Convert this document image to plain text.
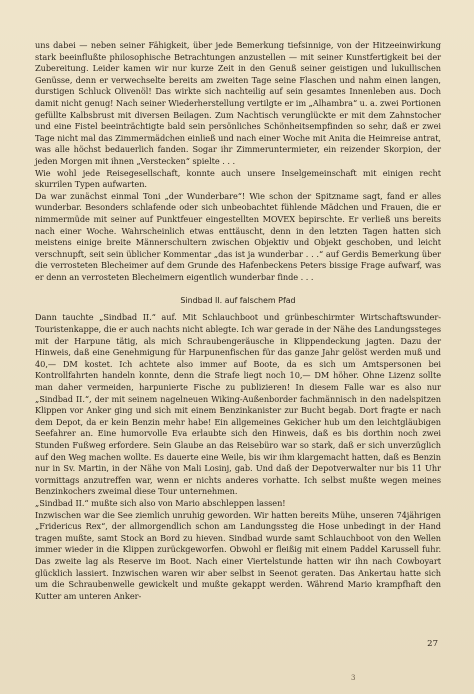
uns dabei — neben seiner Fähigkeit, über jede Bemerkung tiefsinnige, von der Hitzeeinwirkung stark beeinflußte philosophische Betrachtungen anzustellen — mit seiner Kunstfertigkeit bei der Zubereitung. Leider kamen wir nur kurze Zeit in den Genuß seiner geistigen und lukullischen Genüsse, denn er verwechselte bereits am zweiten Tage seine Flaschen und nahm einen langen, durstigen Schluck Olivenöl! Das wirkte sich nachteilig auf sein gesamtes Innenleben aus. Doch damit nicht genug! Nach seiner Wiederherstellung vertilgte er im „Alhambra“ u. a. zwei Portionen gefüllte Kalbsbrust mit diversen Beilagen. Zum Nachtisch verunglückte er mit dem Zahnstocher und eine Fistel beeinträchtigte bald sein persönliches Schönheitsempfinden so sehr, daß er zwei Tage nicht mal das Zimmermädchen einließ und nach einer Woche mit Anita die Heimreise antrat, was alle höchst bedauerlich fanden. Sogar ihr Zimmeruntermieter, ein reizender Skorpion, der jeden Morgen mit ihnen „Verstecken“ spielte . . .

Wie wohl jede Reisegesellschaft, konnte auch unsere Inselgemeinschaft mit einigen recht skurrilen Typen aufwarten.

Da war zunächst einmal Toni „der Wunderbare“! Wie schon der Spitzname sagt, fand er alles wunderbar. Besonders schlafende oder sich unbeobachtet fühlende Mädchen und Frauen, die er nimmermüde mit seiner auf Punktfeuer eingestellten MOVEX bepirschte. Er verließ uns bereits nach einer Woche. Wahrscheinlich etwas enttäuscht, denn in den letzten Tagen hatten sich meistens einige breite Männerschultern zwischen Objektiv und Objekt geschoben, und leicht verschnupft, seit sein üblicher Kommentar „das ist ja wunderbar . . .“ auf Gerdis Bemerkung über die verrosteten Blecheimer auf dem Grunde des Hafenbeckens Peters bissige Frage aufwarf, was er denn an verrosteten Blecheimern eigentlich wunderbar finde . . .

Sindbad II. auf falschem Pfad

Dann tauchte „Sindbad II.“ auf. Mit Schlauchboot und grünbeschirmter Wirtschaftswunder-Touristenkappe, die er auch nachts nicht ablegte. Ich war gerade in der Nähe des Landungssteges mit der Harpune tätig, als mich Schraubengeräusche in Klippendeckung jagten. Dazu der Hinweis, daß eine Genehmigung für Harpunenfischen für das ganze Jahr gelöst werden muß und 40,— DM kostet. Ich achtete also immer auf Boote, da es sich um Amtspersonen bei Kontrollfahrten handeln konnte, denn die Strafe liegt noch 10,— DM höher. Ohne Lizenz sollte man daher vermeiden, harpunierte Fische zu publizieren! In diesem Falle war es also nur „Sindbad II.“, der mit seinem nagelneuen Wiking-Außenborder fachmännisch in den nadelspitzen Klippen vor Anker ging und sich mit einem Benzinkanister zur Bucht begab. Dort fragte er nach dem Depot, da er kein Benzin mehr habe! Ein allgemeines Gekicher hub um den leichtgläubigen Seefahrer an. Eine humorvolle Eva erlaubte sich den Hinweis, daß es bis dorthin noch zwei Stunden Fußweg erfordere. Sein Glaube an das Reisebüro war so stark, daß er sich unverzüglich auf den Weg machen wollte. Es dauerte eine Weile, bis wir ihm klargemacht hatten, daß es Benzin nur in Sv. Martin, in der Nähe von Mali Losinj, gab. Und daß der Depotverwalter nur bis 11 Uhr vormittags anzutreffen war, wenn er nichts anderes vorhatte. Ich selbst mußte wegen meines Benzinkochers zweimal diese Tour unternehmen.

„Sindbad II.“ mußte sich also von Mario abschleppen lassen!

Inzwischen war die See ziemlich unruhig geworden. Wir hatten bereits Mühe, unseren 74jährigen „Fridericus Rex“, der allmorgendlich schon am Landungssteg die Hose unbedingt in der Hand tragen mußte, samt Stock an Bord zu hieven. Sindbad wurde samt Schlauchboot von den Wellen immer wieder in die Klippen zurückgeworfen. Obwohl er fleißig mit einem Paddel Karussell fuhr. Das zweite lag als Reserve im Boot. Nach einer Viertelstunde hatten wir ihn nach Cowboyart glücklich lassiert. Inzwischen waren wir aber selbst in Seenot geraten. Das Ankertau hatte sich um die Schraubenwelle gewickelt und mußte gekappt werden. Während Mario krampfhaft den Kutter am unteren Anker-

27
3
